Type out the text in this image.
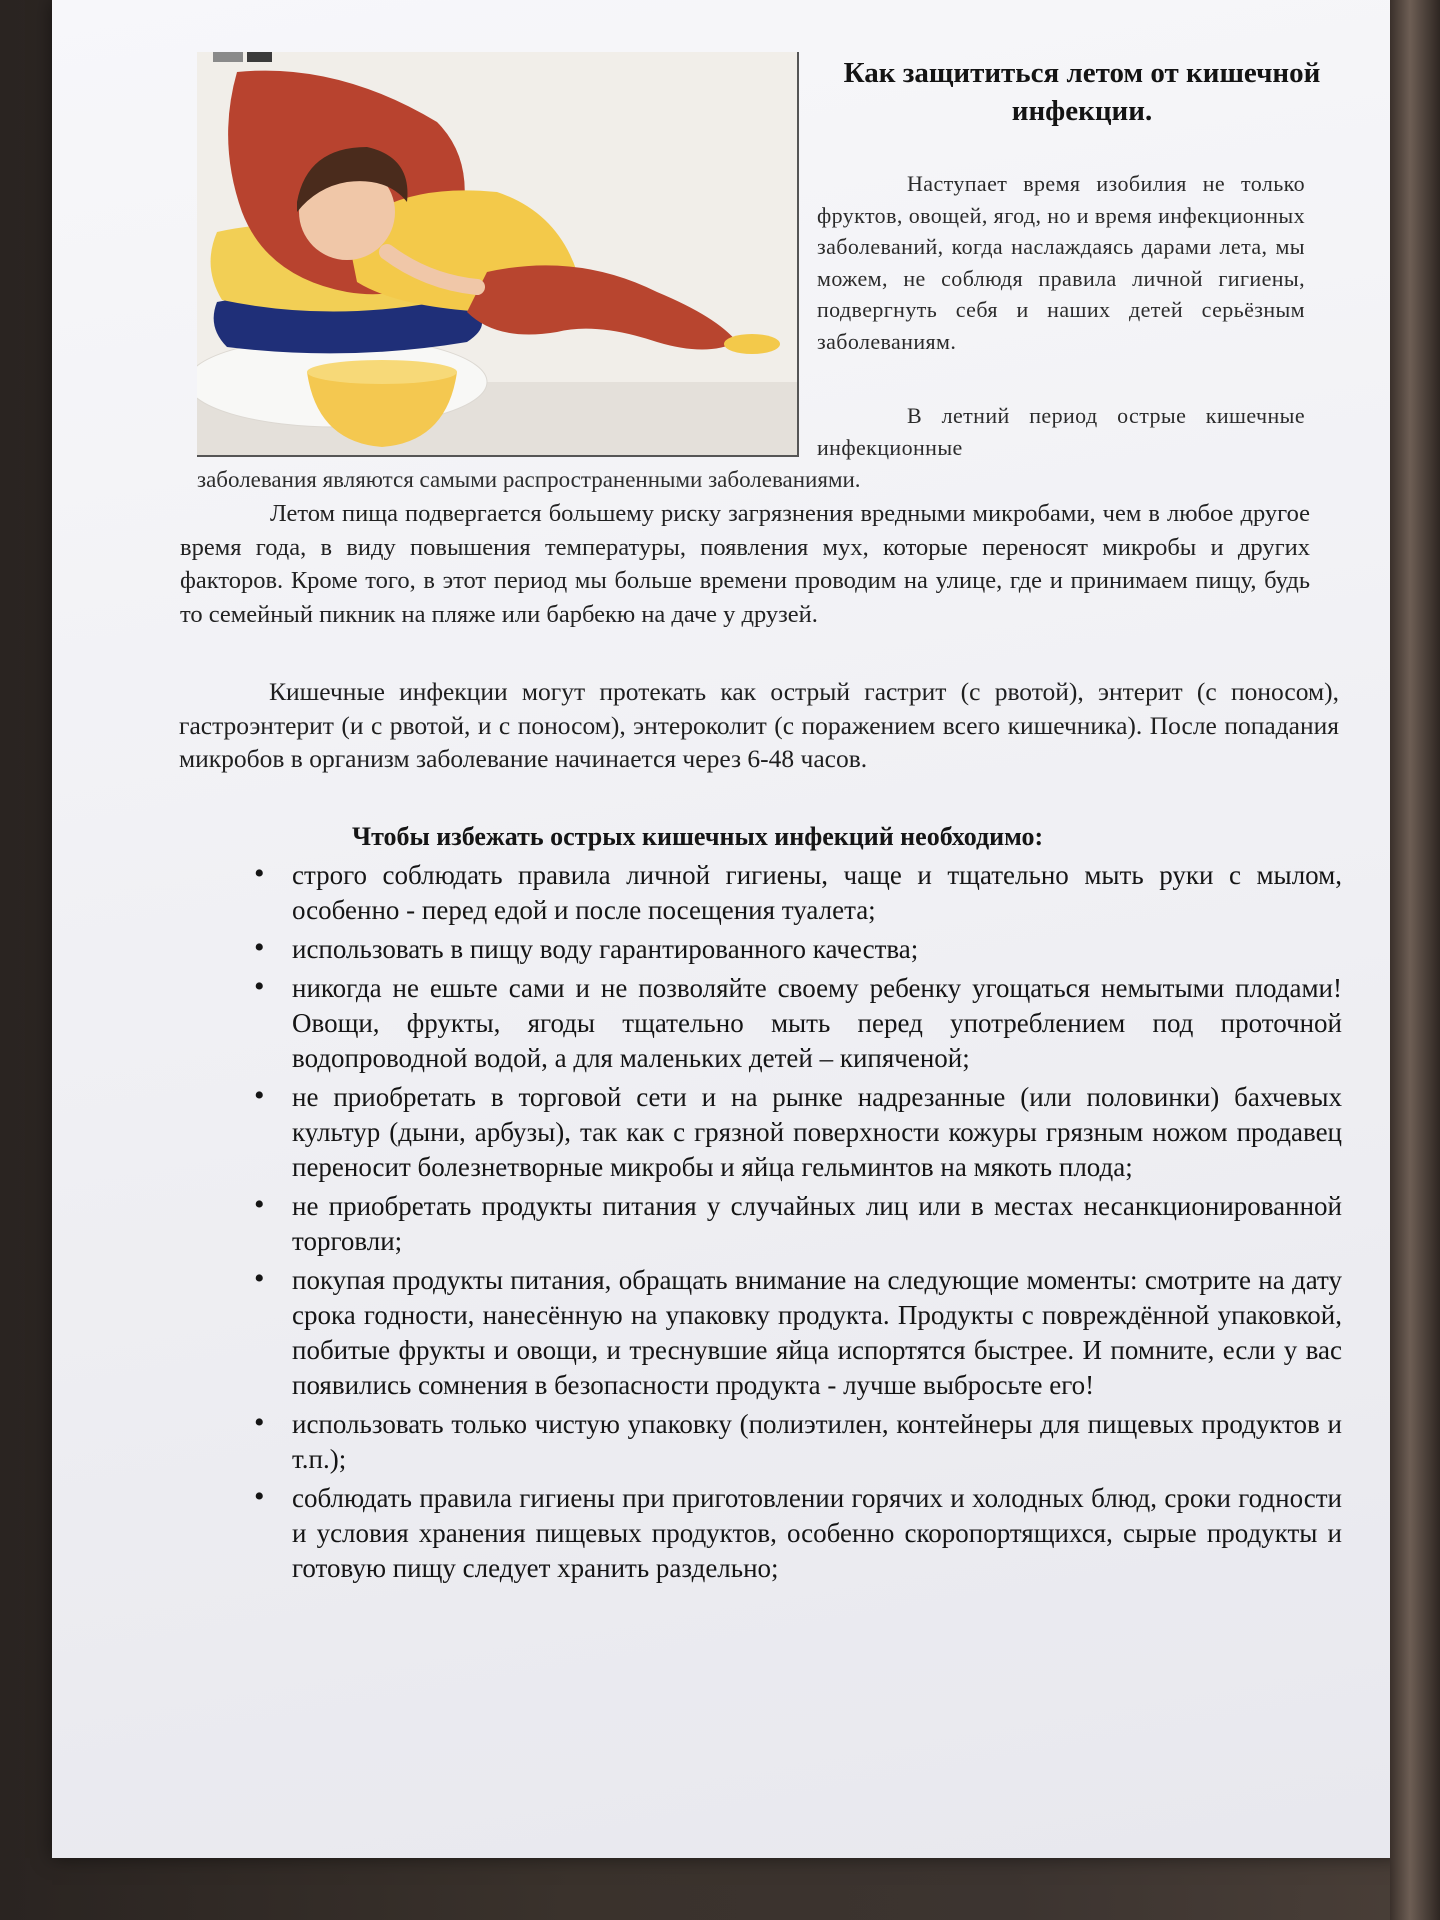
Как защититься летом от кишечной инфекции.
Наступает время изобилия не только фруктов, овощей, ягод, но и время инфекционных заболеваний, когда наслаждаясь дарами лета, мы можем, не соблюдя правила личной гигиены, подвергнуть себя и наших детей серьёзным заболеваниям.
В летний период острые кишечные инфекционные
заболевания являются самыми распространенными заболеваниями.
Летом пища подвергается большему риску загрязнения вредными микробами, чем в любое другое время года, в виду повышения температуры, появления мух, которые переносят микробы и других факторов. Кроме того, в этот период мы больше времени проводим на улице, где и принимаем пищу, будь то семейный пикник на пляже или барбекю на даче у друзей.
Кишечные инфекции могут протекать как острый гастрит (с рвотой), энтерит (с поносом), гастроэнтерит (и с рвотой, и с поносом), энтероколит (с поражением всего кишечника). После попадания микробов в организм заболевание начинается через 6-48 часов.
Чтобы избежать острых кишечных инфекций необходимо:
• строго соблюдать правила личной гигиены, чаще и тщательно мыть руки с мылом, особенно - перед едой и после посещения туалета;
• использовать в пищу воду гарантированного качества;
• никогда не ешьте сами и не позволяйте своему ребенку угощаться немытыми плодами! Овощи, фрукты, ягоды тщательно мыть перед употреблением под проточной водопроводной водой, а для маленьких детей – кипяченой;
• не приобретать в торговой сети и на рынке надрезанные (или половинки) бахчевых культур (дыни, арбузы), так как с грязной поверхности кожуры грязным ножом продавец переносит болезнетворные микробы и яйца гельминтов на мякоть плода;
• не приобретать продукты питания у случайных лиц или в местах несанкционированной торговли;
• покупая продукты питания, обращать внимание на следующие моменты: смотрите на дату срока годности, нанесённую на упаковку продукта. Продукты с повреждённой упаковкой, побитые фрукты и овощи, и треснувшие яйца испортятся быстрее. И помните, если у вас появились сомнения в безопасности продукта - лучше выбросьте его!
• использовать только чистую упаковку (полиэтилен, контейнеры для пищевых продуктов и т.п.);
• соблюдать правила гигиены при приготовлении горячих и холодных блюд, сроки годности и условия хранения пищевых продуктов, особенно скоропортящихся, сырые продукты и готовую пищу следует хранить раздельно;
